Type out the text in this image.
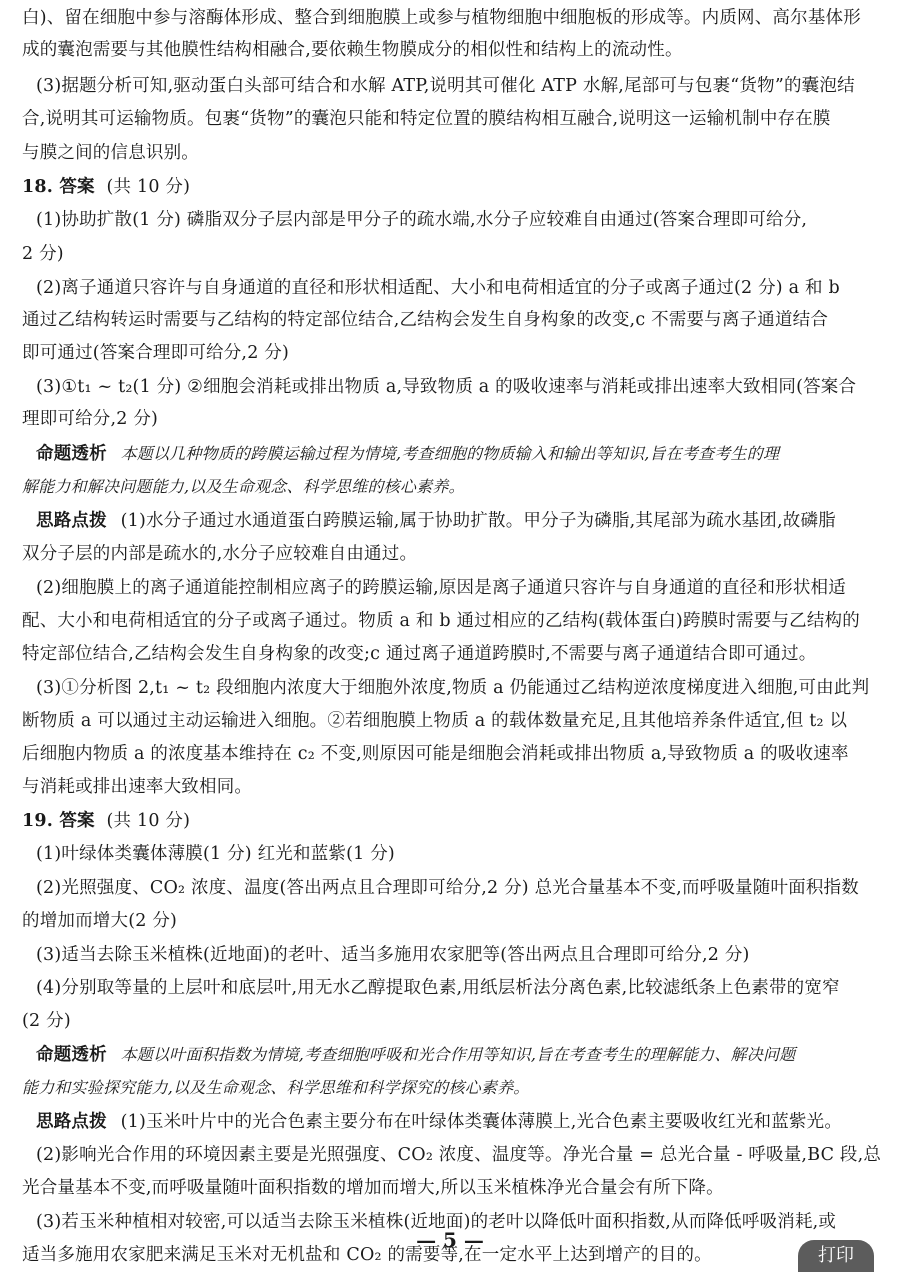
白)、留在细胞中参与溶酶体形成、整合到细胞膜上或参与植物细胞中细胞板的形成等。内质网、高尔基体形
成的囊泡需要与其他膜性结构相融合,要依赖生物膜成分的相似性和结构上的流动性。
(3)据题分析可知,驱动蛋白头部可结合和水解 ATP,说明其可催化 ATP 水解,尾部可与包裹“货物”的囊泡结
合,说明其可运输物质。包裹“货物”的囊泡只能和特定位置的膜结构相互融合,说明这一运输机制中存在膜
与膜之间的信息识别。
18. 答案 (共 10 分)
(1)协助扩散(1 分) 磷脂双分子层内部是甲分子的疏水端,水分子应较难自由通过(答案合理即可给分,
2 分)
(2)离子通道只容许与自身通道的直径和形状相适配、大小和电荷相适宜的分子或离子通过(2 分) a 和 b
通过乙结构转运时需要与乙结构的特定部位结合,乙结构会发生自身构象的改变,c 不需要与离子通道结合
即可通过(答案合理即可给分,2 分)
(3)①t₁ ~ t₂(1 分) ②细胞会消耗或排出物质 a,导致物质 a 的吸收速率与消耗或排出速率大致相同(答案合
理即可给分,2 分)
命题透析 本题以几种物质的跨膜运输过程为情境,考查细胞的物质输入和输出等知识,旨在考查考生的理
解能力和解决问题能力,以及生命观念、科学思维的核心素养。
思路点拨 (1)水分子通过水通道蛋白跨膜运输,属于协助扩散。甲分子为磷脂,其尾部为疏水基团,故磷脂
双分子层的内部是疏水的,水分子应较难自由通过。
(2)细胞膜上的离子通道能控制相应离子的跨膜运输,原因是离子通道只容许与自身通道的直径和形状相适
配、大小和电荷相适宜的分子或离子通过。物质 a 和 b 通过相应的乙结构(载体蛋白)跨膜时需要与乙结构的
特定部位结合,乙结构会发生自身构象的改变;c 通过离子通道跨膜时,不需要与离子通道结合即可通过。
(3)①分析图 2,t₁ ~ t₂ 段细胞内浓度大于细胞外浓度,物质 a 仍能通过乙结构逆浓度梯度进入细胞,可由此判
断物质 a 可以通过主动运输进入细胞。②若细胞膜上物质 a 的载体数量充足,且其他培养条件适宜,但 t₂ 以
后细胞内物质 a 的浓度基本维持在 c₂ 不变,则原因可能是细胞会消耗或排出物质 a,导致物质 a 的吸收速率
与消耗或排出速率大致相同。
19. 答案 (共 10 分)
(1)叶绿体类囊体薄膜(1 分) 红光和蓝紫(1 分)
(2)光照强度、CO₂ 浓度、温度(答出两点且合理即可给分,2 分) 总光合量基本不变,而呼吸量随叶面积指数
的增加而增大(2 分)
(3)适当去除玉米植株(近地面)的老叶、适当多施用农家肥等(答出两点且合理即可给分,2 分)
(4)分别取等量的上层叶和底层叶,用无水乙醇提取色素,用纸层析法分离色素,比较滤纸条上色素带的宽窄
(2 分)
命题透析 本题以叶面积指数为情境,考查细胞呼吸和光合作用等知识,旨在考查考生的理解能力、解决问题
能力和实验探究能力,以及生命观念、科学思维和科学探究的核心素养。
思路点拨 (1)玉米叶片中的光合色素主要分布在叶绿体类囊体薄膜上,光合色素主要吸收红光和蓝紫光。
(2)影响光合作用的环境因素主要是光照强度、CO₂ 浓度、温度等。净光合量 = 总光合量 - 呼吸量,BC 段,总
光合量基本不变,而呼吸量随叶面积指数的增加而增大,所以玉米植株净光合量会有所下降。
(3)若玉米种植相对较密,可以适当去除玉米植株(近地面)的老叶以降低叶面积指数,从而降低呼吸消耗,或
适当多施用农家肥来满足玉米对无机盐和 CO₂ 的需要等,在一定水平上达到增产的目的。
— 5 —
打印
